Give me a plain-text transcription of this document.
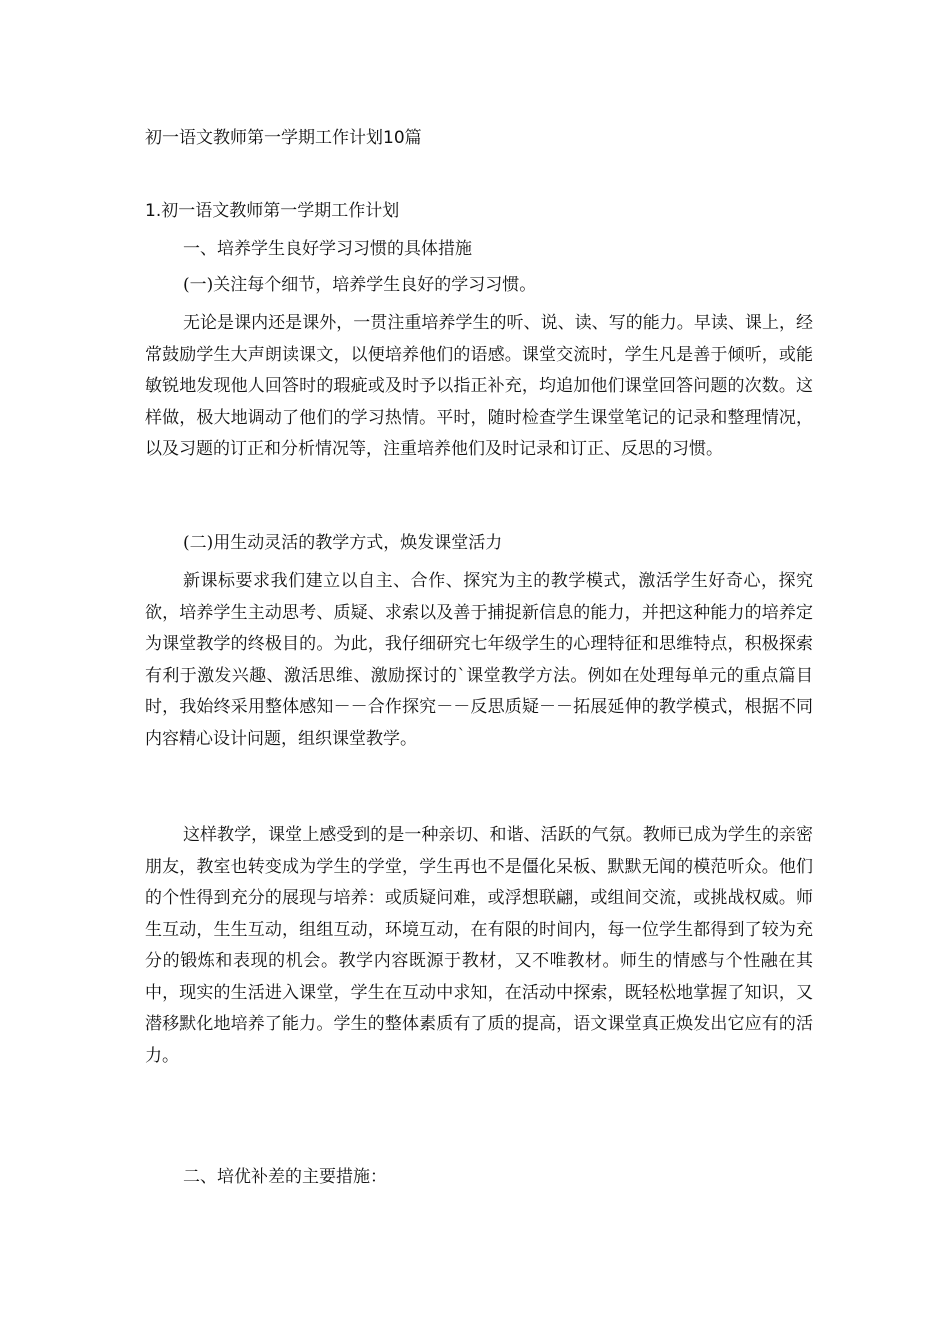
初一语文教师第一学期工作计划10篇
1.初一语文教师第一学期工作计划
一、培养学生良好学习习惯的具体措施
(一)关注每个细节，培养学生良好的学习习惯。

无论是课内还是课外，一贯注重培养学生的听、说、读、写的能力。早读、课上，经常鼓励学生大声朗读课文，以便培养他们的语感。课堂交流时，学生凡是善于倾听，或能敏锐地发现他人回答时的瑕疵或及时予以指正补充，均追加他们课堂回答问题的次数。这样做，极大地调动了他们的学习热情。平时，随时检查学生课堂笔记的记录和整理情况，以及习题的订正和分析情况等，注重培养他们及时记录和订正、反思的习惯。

(二)用生动灵活的教学方式，焕发课堂活力

新课标要求我们建立以自主、合作、探究为主的教学模式，激活学生好奇心，探究欲，培养学生主动思考、质疑、求索以及善于捕捉新信息的能力，并把这种能力的培养定为课堂教学的终极目的。为此，我仔细研究七年级学生的心理特征和思维特点，积极探索有利于激发兴趣、激活思维、激励探讨的`课堂教学方法。例如在处理每单元的重点篇目时，我始终采用整体感知－－合作探究－－反思质疑－－拓展延伸的教学模式，根据不同内容精心设计问题，组织课堂教学。

这样教学，课堂上感受到的是一种亲切、和谐、活跃的气氛。教师已成为学生的亲密朋友，教室也转变成为学生的学堂，学生再也不是僵化呆板、默默无闻的模范听众。他们的个性得到充分的展现与培养：或质疑问难，或浮想联翩，或组间交流，或挑战权威。师生互动，生生互动，组组互动，环境互动，在有限的时间内，每一位学生都得到了较为充分的锻炼和表现的机会。教学内容既源于教材，又不唯教材。师生的情感与个性融在其中，现实的生活进入课堂，学生在互动中求知，在活动中探索，既轻松地掌握了知识，又潜移默化地培养了能力。学生的整体素质有了质的提高，语文课堂真正焕发出它应有的活力。

二、培优补差的主要措施：
